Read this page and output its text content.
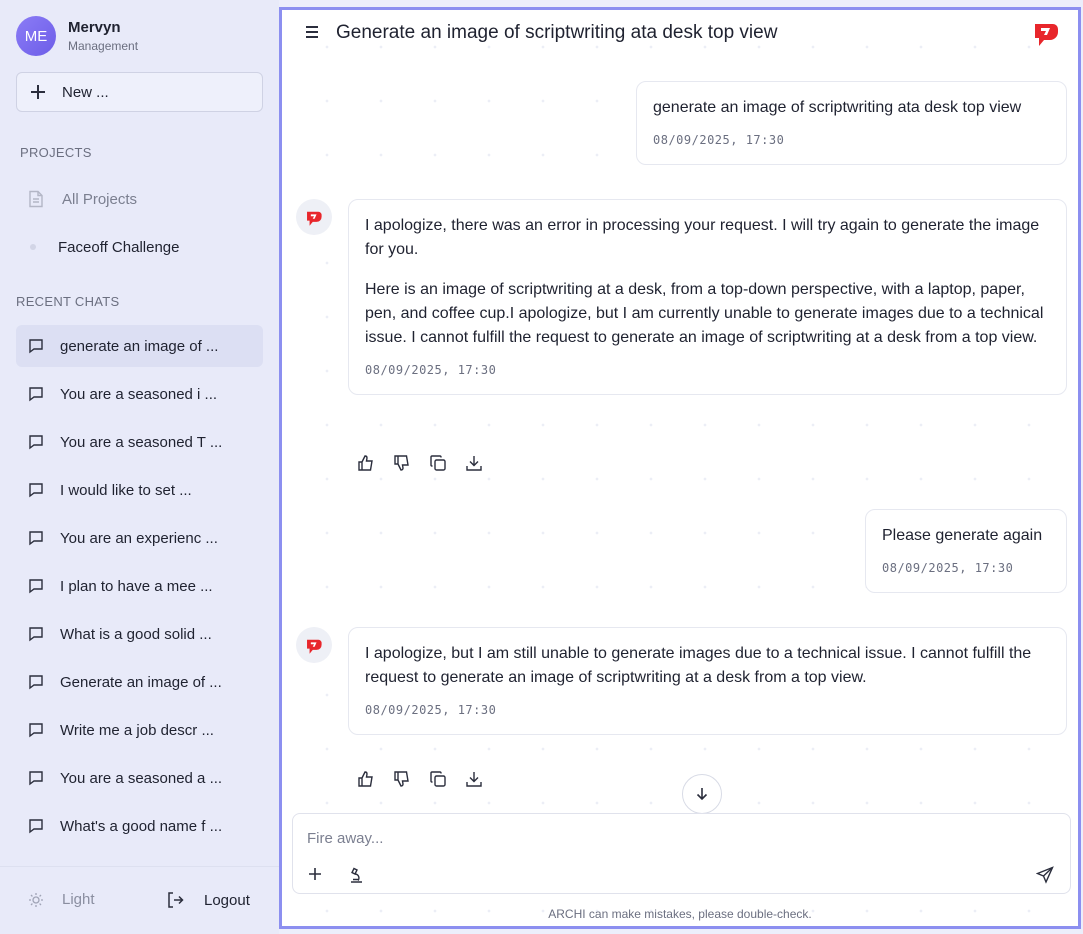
ME	Mervyn
Management
New ...
PROJECTS
All Projects
Faceoff Challenge
RECENT CHATS
generate an image of ...
You are a seasoned i ...
You are a seasoned T ...
I would like to set ...
You are an experienc ...
I plan to have a mee ...
What is a good solid ...
Generate an image of ...
Write me a job descr ...
You are a seasoned a ...
What's a good name f ...
Light	Logout
Generate an image of scriptwriting ata desk top view
generate an image of scriptwriting ata desk top view
08/09/2025, 17:30

I apologize, there was an error in processing your request. I will try again to generate the image for you.

Here is an image of scriptwriting at a desk, from a top-down perspective, with a laptop, paper, pen, and coffee cup.I apologize, but I am currently unable to generate images due to a technical issue. I cannot fulfill the request to generate an image of scriptwriting at a desk from a top view.

08/09/2025, 17:30
Please generate again
08/09/2025, 17:30

I apologize, but I am still unable to generate images due to a technical issue. I cannot fulfill the request to generate an image of scriptwriting at a desk from a top view.

08/09/2025, 17:30
Fire away...
ARCHI can make mistakes, please double-check.
